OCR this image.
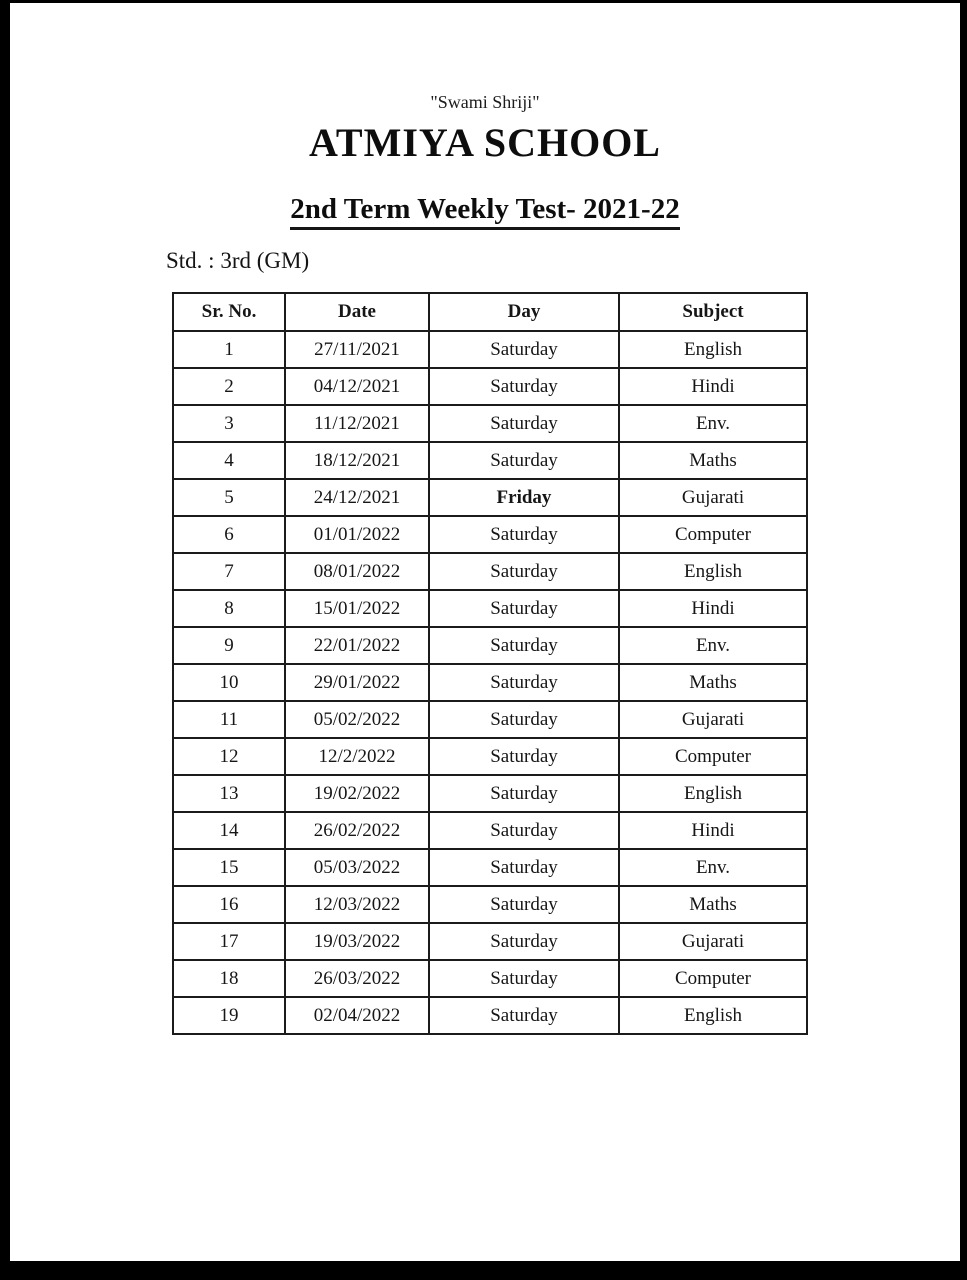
"Swami Shriji"
ATMIYA SCHOOL
2nd Term Weekly Test- 2021-22
Std. : 3rd (GM)
Sr. No.	Date	Day	Subject
1	27/11/2021	Saturday	English
2	04/12/2021	Saturday	Hindi
3	11/12/2021	Saturday	Env.
4	18/12/2021	Saturday	Maths
5	24/12/2021	Friday	Gujarati
6	01/01/2022	Saturday	Computer
7	08/01/2022	Saturday	English
8	15/01/2022	Saturday	Hindi
9	22/01/2022	Saturday	Env.
10	29/01/2022	Saturday	Maths
11	05/02/2022	Saturday	Gujarati
12	12/2/2022	Saturday	Computer
13	19/02/2022	Saturday	English
14	26/02/2022	Saturday	Hindi
15	05/03/2022	Saturday	Env.
16	12/03/2022	Saturday	Maths
17	19/03/2022	Saturday	Gujarati
18	26/03/2022	Saturday	Computer
19	02/04/2022	Saturday	English
